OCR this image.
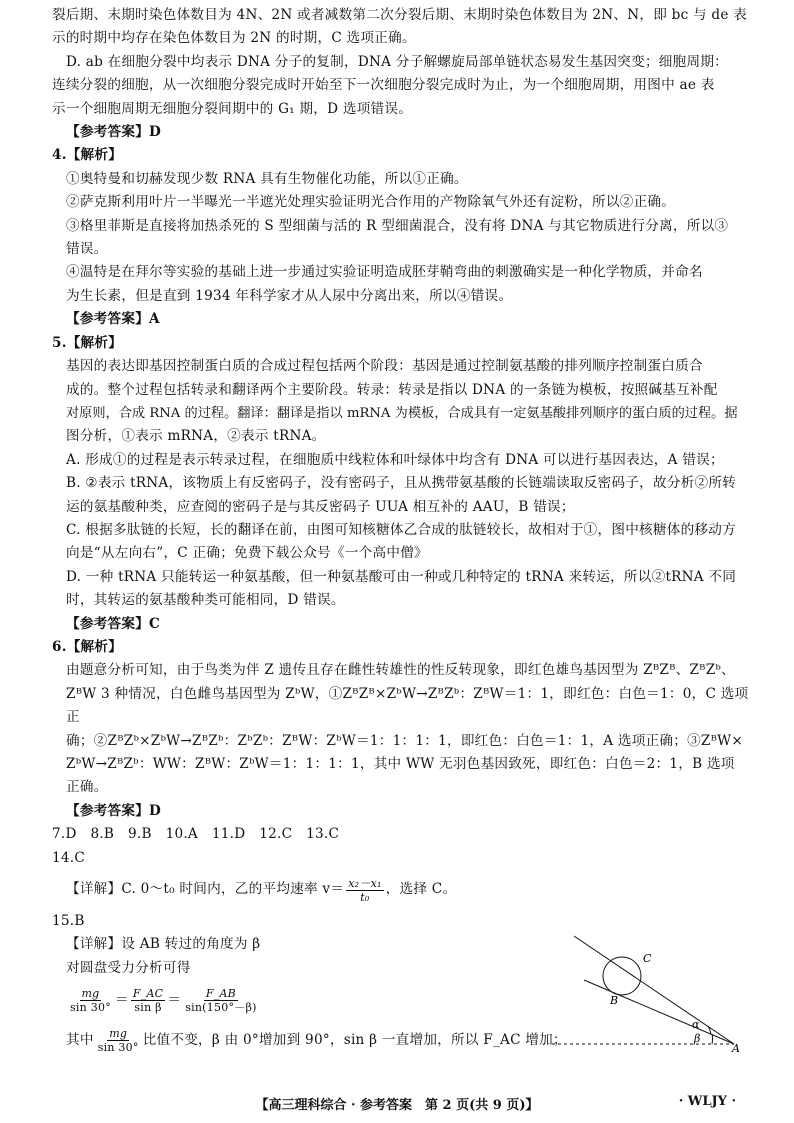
裂后期、末期时染色体数目为 4N、2N 或者减数第二次分裂后期、末期时染色体数目为 2N、N，即 bc 与 de 表

示的时期中均存在染色体数目为 2N 的时期，C 选项正确。

D. ab 在细胞分裂中均表示 DNA 分子的复制，DNA 分子解螺旋局部单链状态易发生基因突变；细胞周期：

连续分裂的细胞，从一次细胞分裂完成时开始至下一次细胞分裂完成时为止，为一个细胞周期，用图中 ae 表

示一个细胞周期无细胞分裂间期中的 G₁ 期，D 选项错误。

【参考答案】D

4.【解析】

①奥特曼和切赫发现少数 RNA 具有生物催化功能，所以①正确。

②萨克斯利用叶片一半曝光一半遮光处理实验证明光合作用的产物除氧气外还有淀粉，所以②正确。

③格里菲斯是直接将加热杀死的 S 型细菌与活的 R 型细菌混合，没有将 DNA 与其它物质进行分离，所以③

错误。

④温特是在拜尔等实验的基础上进一步通过实验证明造成胚芽鞘弯曲的刺激确实是一种化学物质，并命名

为生长素，但是直到 1934 年科学家才从人尿中分离出来，所以④错误。

【参考答案】A

5.【解析】

基因的表达即基因控制蛋白质的合成过程包括两个阶段：基因是通过控制氨基酸的排列顺序控制蛋白质合

成的。整个过程包括转录和翻译两个主要阶段。转录：转录是指以 DNA 的一条链为模板，按照碱基互补配

对原则，合成 RNA 的过程。翻译：翻译是指以 mRNA 为模板，合成具有一定氨基酸排列顺序的蛋白质的过程。据

图分析，①表示 mRNA，②表示 tRNA。

A. 形成①的过程是表示转录过程，在细胞质中线粒体和叶绿体中均含有 DNA 可以进行基因表达，A 错误；

B. ②表示 tRNA，该物质上有反密码子，没有密码子，且从携带氨基酸的长链端读取反密码子，故分析②所转

运的氨基酸种类，应查阅的密码子是与其反密码子 UUA 相互补的 AAU，B 错误；

C. 根据多肽链的长短，长的翻译在前，由图可知核糖体乙合成的肽链较长，故相对于①，图中核糖体的移动方

向是“从左向右”，C 正确；免费下载公众号《一个高中僧》

D. 一种 tRNA 只能转运一种氨基酸，但一种氨基酸可由一种或几种特定的 tRNA 来转运，所以②tRNA 不同

时，其转运的氨基酸种类可能相同，D 错误。

【参考答案】C

6.【解析】

由题意分析可知，由于鸟类为伴 Z 遗传且存在雌性转雄性的性反转现象，即红色雄鸟基因型为 ZᴮZᴮ、ZᴮZᵇ、

ZᴮW 3 种情况，白色雌鸟基因型为 ZᵇW，①ZᴮZᴮ×ZᵇW→ZᴮZᵇ：ZᴮW＝1：1，即红色：白色＝1：0，C 选项正

确；②ZᴮZᵇ×ZᵇW→ZᴮZᵇ：ZᵇZᵇ：ZᴮW：ZᵇW＝1：1：1：1，即红色：白色＝1：1，A 选项正确；③ZᴮW×

ZᵇW→ZᴮZᵇ：WW：ZᴮW：ZᵇW＝1：1：1：1，其中 WW 无羽色基因致死，即红色：白色＝2：1，B 选项

正确。

【参考答案】D

7.D　8.B　9.B　10.A　11.D　12.C　13.C

14.C

【详解】C. 0～t₀ 时间内，乙的平均速率 $v= \frac{\text{x₂－x₁}}{\text{t₀}}$ ，选择 C。

15.B

【详解】设 AB 转过的角度为 β

对圆盘受力分析可得

$\frac{mg}{\sin 30^\circ} = \frac{F\_AC}{\text{sin β}} = \frac{F\_AB}{\sin(150^\circ-\beta)}$
其中 $\frac{mg}{\sin 30^\circ}$ 比值不变，β 由 0°增加到 90°，sin β 一直增加，所以 F_AC 增加；
C
B
A
α
β
【高三理科综合 · 参考答案　第 2 页(共 9 页)】	· WLJY ·
